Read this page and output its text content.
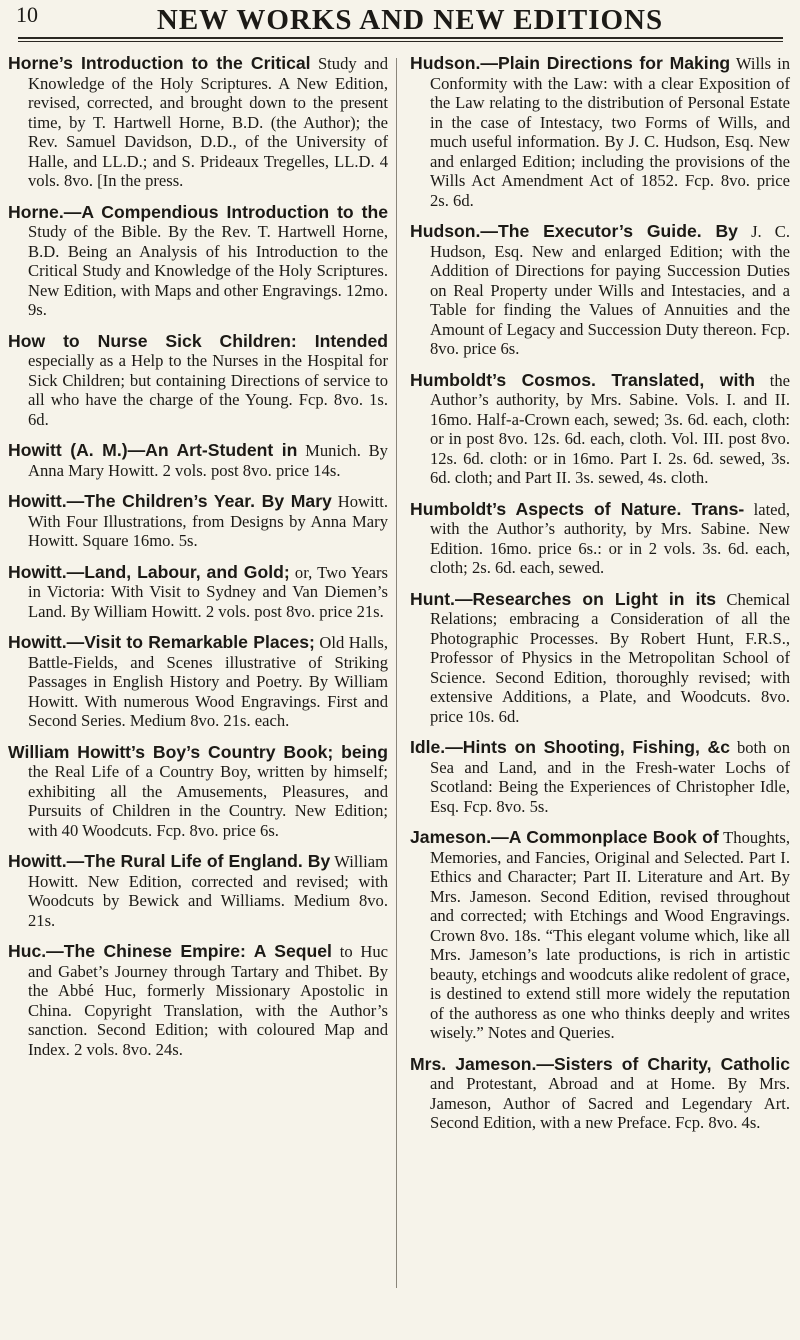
10	NEW WORKS AND NEW EDITIONS

Horne’s Introduction to the Critical Study and Knowledge of the Holy Scriptures. A New Edition, revised, corrected, and brought down to the present time, by T. Hartwell Horne, B.D. (the Author); the Rev. Samuel Davidson, D.D., of the University of Halle, and LL.D.; and S. Prideaux Tregelles, LL.D. 4 vols. 8vo. [In the press.

Horne.—A Compendious Introduction to the Study of the Bible. By the Rev. T. Hartwell Horne, B.D. Being an Analysis of his Introduction to the Critical Study and Knowledge of the Holy Scriptures. New Edition, with Maps and other Engravings. 12mo. 9s.

How to Nurse Sick Children: Intended especially as a Help to the Nurses in the Hospital for Sick Children; but containing Directions of service to all who have the charge of the Young. Fcp. 8vo. 1s. 6d.

Howitt (A. M.)—An Art-Student in Munich. By Anna Mary Howitt. 2 vols. post 8vo. price 14s.

Howitt.—The Children’s Year. By Mary Howitt. With Four Illustrations, from Designs by Anna Mary Howitt. Square 16mo. 5s.

Howitt.—Land, Labour, and Gold; or, Two Years in Victoria: With Visit to Sydney and Van Diemen’s Land. By William Howitt. 2 vols. post 8vo. price 21s.

Howitt.—Visit to Remarkable Places; Old Halls, Battle-Fields, and Scenes illustrative of Striking Passages in English History and Poetry. By William Howitt. With numerous Wood Engravings. First and Second Series. Medium 8vo. 21s. each.

William Howitt’s Boy’s Country Book; being the Real Life of a Country Boy, written by himself; exhibiting all the Amusements, Pleasures, and Pursuits of Children in the Country. New Edition; with 40 Woodcuts. Fcp. 8vo. price 6s.

Howitt.—The Rural Life of England. By William Howitt. New Edition, corrected and revised; with Woodcuts by Bewick and Williams. Medium 8vo. 21s.

Huc.—The Chinese Empire: A Sequel to Huc and Gabet’s Journey through Tartary and Thibet. By the Abbé Huc, formerly Missionary Apostolic in China. Copyright Translation, with the Author’s sanction. Second Edition; with coloured Map and Index. 2 vols. 8vo. 24s.

Hudson.—Plain Directions for Making Wills in Conformity with the Law: with a clear Exposition of the Law relating to the distribution of Personal Estate in the case of Intestacy, two Forms of Wills, and much useful information. By J. C. Hudson, Esq. New and enlarged Edition; including the provisions of the Wills Act Amendment Act of 1852. Fcp. 8vo. price 2s. 6d.

Hudson.—The Executor’s Guide. By J. C. Hudson, Esq. New and enlarged Edition; with the Addition of Directions for paying Succession Duties on Real Property under Wills and Intestacies, and a Table for finding the Values of Annuities and the Amount of Legacy and Succession Duty thereon. Fcp. 8vo. price 6s.

Humboldt’s Cosmos. Translated, with the Author’s authority, by Mrs. Sabine. Vols. I. and II. 16mo. Half-a-Crown each, sewed; 3s. 6d. each, cloth: or in post 8vo. 12s. 6d. each, cloth. Vol. III. post 8vo. 12s. 6d. cloth: or in 16mo. Part I. 2s. 6d. sewed, 3s. 6d. cloth; and Part II. 3s. sewed, 4s. cloth.

Humboldt’s Aspects of Nature. Trans- lated, with the Author’s authority, by Mrs. Sabine. New Edition. 16mo. price 6s.: or in 2 vols. 3s. 6d. each, cloth; 2s. 6d. each, sewed.

Hunt.—Researches on Light in its Chemical Relations; embracing a Consideration of all the Photographic Processes. By Robert Hunt, F.R.S., Professor of Physics in the Metropolitan School of Science. Second Edition, thoroughly revised; with extensive Additions, a Plate, and Woodcuts. 8vo. price 10s. 6d.

Idle.—Hints on Shooting, Fishing, &c both on Sea and Land, and in the Fresh-water Lochs of Scotland: Being the Experiences of Christopher Idle, Esq. Fcp. 8vo. 5s.

Jameson.—A Commonplace Book of Thoughts, Memories, and Fancies, Original and Selected. Part I. Ethics and Character; Part II. Literature and Art. By Mrs. Jameson. Second Edition, revised throughout and corrected; with Etchings and Wood Engravings. Crown 8vo. 18s. “This elegant volume which, like all Mrs. Jameson’s late productions, is rich in artistic beauty, etchings and woodcuts alike redolent of grace, is destined to extend still more widely the reputation of the authoress as one who thinks deeply and writes wisely.” Notes and Queries.

Mrs. Jameson.—Sisters of Charity, Catholic and Protestant, Abroad and at Home. By Mrs. Jameson, Author of Sacred and Legendary Art. Second Edition, with a new Preface. Fcp. 8vo. 4s.
